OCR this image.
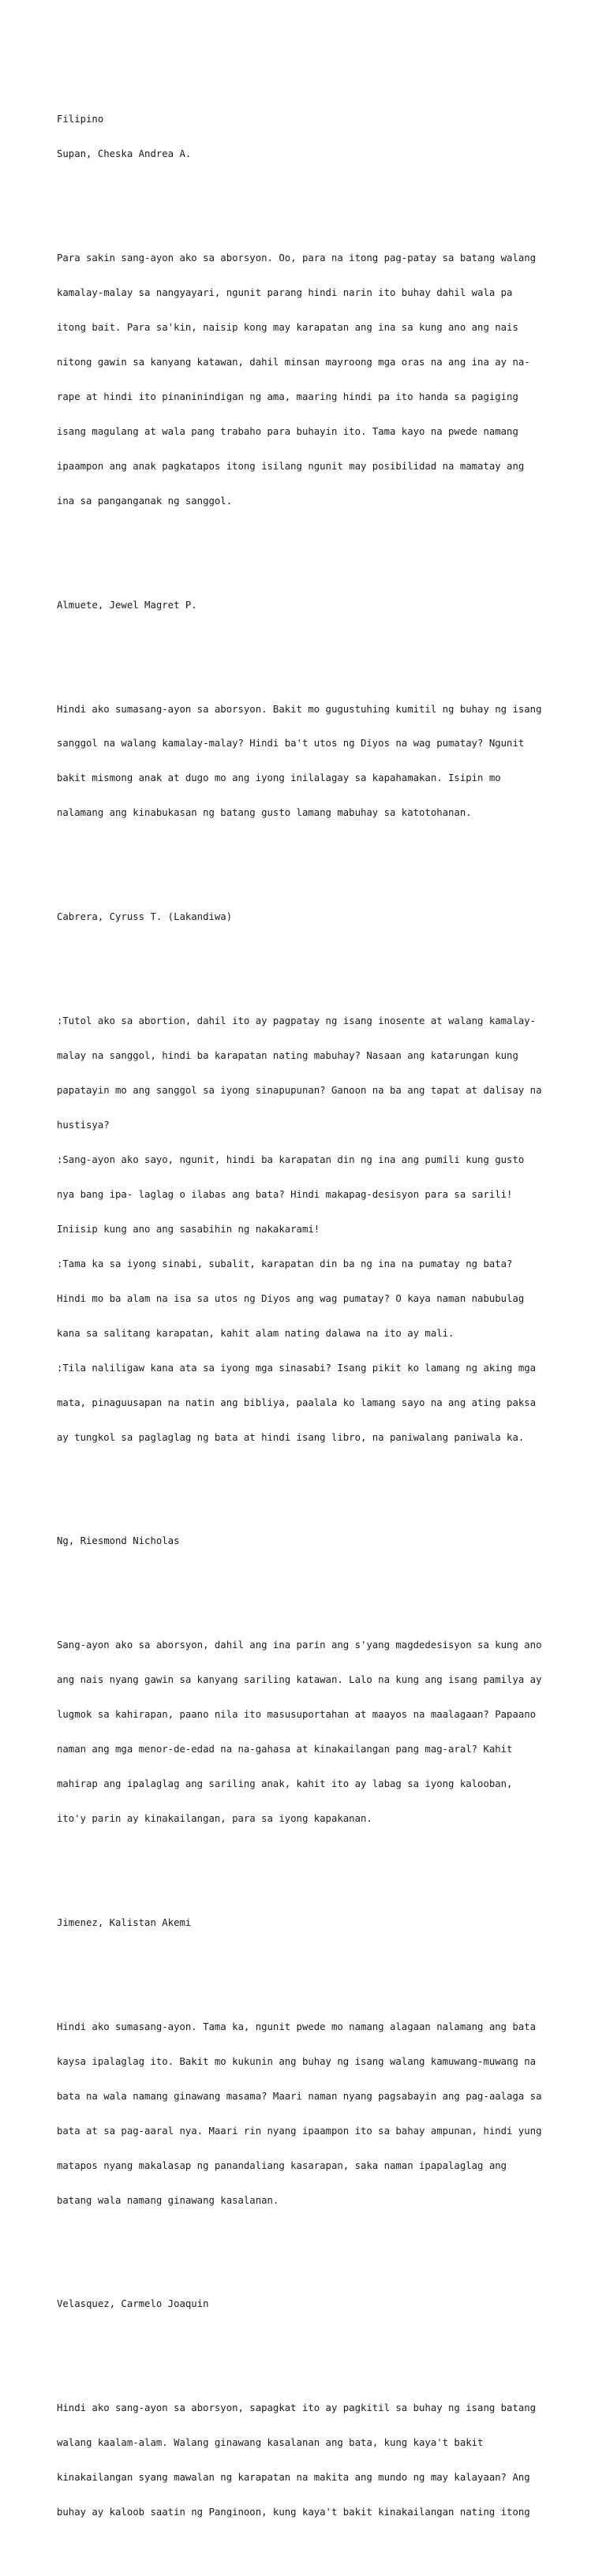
Filipino

Supan, Cheska Andrea A.

Para sakin sang-ayon ako sa aborsyon. Oo, para na itong pag-patay sa batang walang

kamalay-malay sa nangyayari, ngunit parang hindi narin ito buhay dahil wala pa

itong bait. Para sa'kin, naisip kong may karapatan ang ina sa kung ano ang nais

nitong gawin sa kanyang katawan, dahil minsan mayroong mga oras na ang ina ay na-

rape at hindi ito pinaninindigan ng ama, maaring hindi pa ito handa sa pagiging

isang magulang at wala pang trabaho para buhayin ito. Tama kayo na pwede namang

ipaampon ang anak pagkatapos itong isilang ngunit may posibilidad na mamatay ang

ina sa panganganak ng sanggol.

Almuete, Jewel Magret P.

Hindi ako sumasang-ayon sa aborsyon. Bakit mo gugustuhing kumitil ng buhay ng isang

sanggol na walang kamalay-malay? Hindi ba't utos ng Diyos na wag pumatay? Ngunit

bakit mismong anak at dugo mo ang iyong inilalagay sa kapahamakan. Isipin mo

nalamang ang kinabukasan ng batang gusto lamang mabuhay sa katotohanan.

Cabrera, Cyruss T. (Lakandiwa)

:Tutol ako sa abortion, dahil ito ay pagpatay ng isang inosente at walang kamalay-

malay na sanggol, hindi ba karapatan nating mabuhay? Nasaan ang katarungan kung

papatayin mo ang sanggol sa iyong sinapupunan? Ganoon na ba ang tapat at dalisay na

hustisya?

:Sang-ayon ako sayo, ngunit, hindi ba karapatan din ng ina ang pumili kung gusto

nya bang ipa- laglag o ilabas ang bata? Hindi makapag-desisyon para sa sarili!

Iniisip kung ano ang sasabihin ng nakakarami!

:Tama ka sa iyong sinabi, subalit, karapatan din ba ng ina na pumatay ng bata?

Hindi mo ba alam na isa sa utos ng Diyos ang wag pumatay? O kaya naman nabubulag

kana sa salitang karapatan, kahit alam nating dalawa na ito ay mali.

:Tila naliligaw kana ata sa iyong mga sinasabi? Isang pikit ko lamang ng aking mga

mata, pinaguusapan na natin ang bibliya, paalala ko lamang sayo na ang ating paksa

ay tungkol sa paglaglag ng bata at hindi isang libro, na paniwalang paniwala ka.

Ng, Riesmond Nicholas

Sang-ayon ako sa aborsyon, dahil ang ina parin ang s'yang magdedesisyon sa kung ano

ang nais nyang gawin sa kanyang sariling katawan. Lalo na kung ang isang pamilya ay

lugmok sa kahirapan, paano nila ito masusuportahan at maayos na maalagaan? Papaano

naman ang mga menor-de-edad na na-gahasa at kinakailangan pang mag-aral? Kahit

mahirap ang ipalaglag ang sariling anak, kahit ito ay labag sa iyong kalooban,

ito'y parin ay kinakailangan, para sa iyong kapakanan.

Jimenez, Kalistan Akemi

Hindi ako sumasang-ayon. Tama ka, ngunit pwede mo namang alagaan nalamang ang bata

kaysa ipalaglag ito. Bakit mo kukunin ang buhay ng isang walang kamuwang-muwang na

bata na wala namang ginawang masama? Maari naman nyang pagsabayin ang pag-aalaga sa

bata at sa pag-aaral nya. Maari rin nyang ipaampon ito sa bahay ampunan, hindi yung

matapos nyang makalasap ng panandaliang kasarapan, saka naman ipapalaglag ang

batang wala namang ginawang kasalanan.

Velasquez, Carmelo Joaquin

Hindi ako sang-ayon sa aborsyon, sapagkat ito ay pagkitil sa buhay ng isang batang

walang kaalam-alam. Walang ginawang kasalanan ang bata, kung kaya't bakit

kinakailangan syang mawalan ng karapatan na makita ang mundo ng may kalayaan? Ang

buhay ay kaloob saatin ng Panginoon, kung kaya't bakit kinakailangan nating itong
